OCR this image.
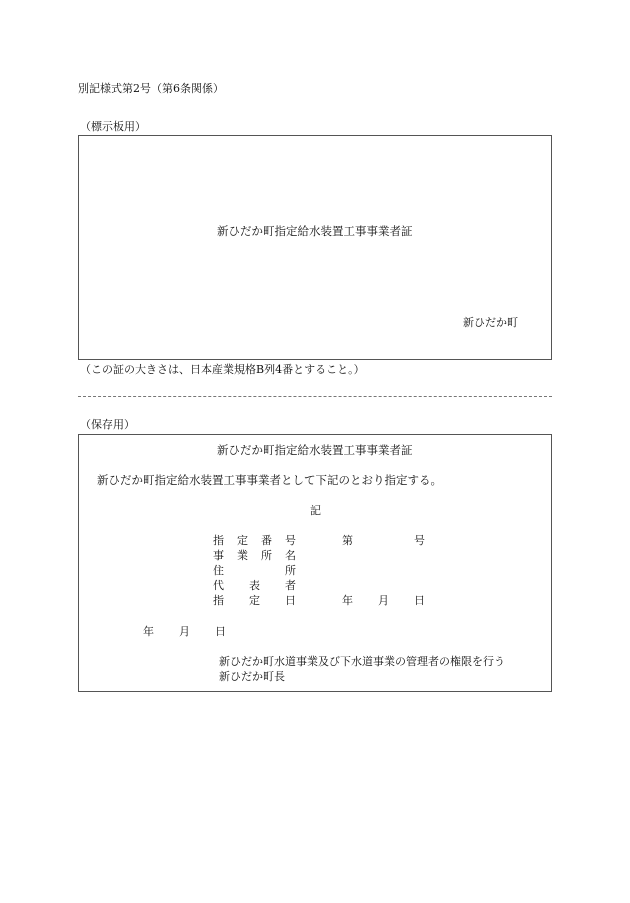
別記様式第2号（第6条関係）
（標示板用）
新ひだか町指定給水装置工事事業者証
新ひだか町
（この証の大きさは、日本産業規格B列4番とすること。）
（保存用）
新ひだか町指定給水装置工事事業者証
新ひだか町指定給水装置工事事業者として下記のとおり指定する。
記
指 定 番 号	第	号
事 業 所 名
住	所
代 表 者
指 定 日	年 月 日
年 月 日
新ひだか町水道事業及び下水道事業の管理者の権限を行う
新ひだか町長
